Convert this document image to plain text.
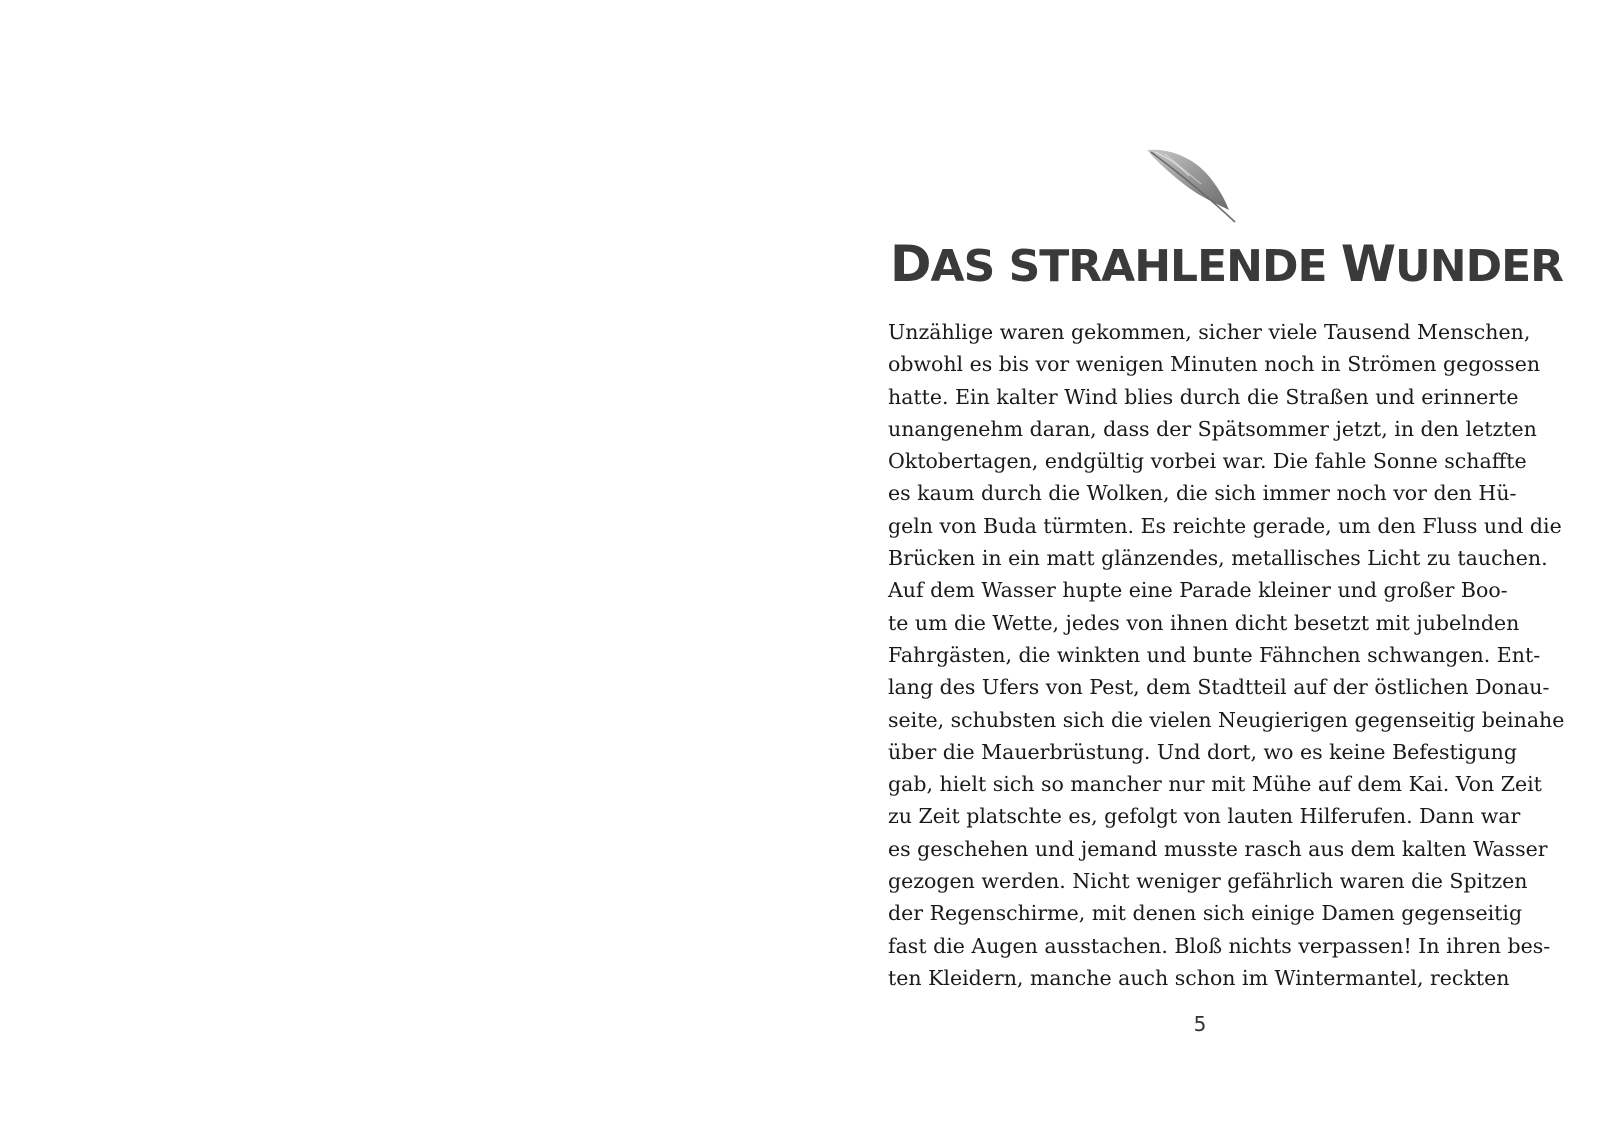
DAS STRAHLENDE WUNDER
Unzählige waren gekommen, sicher viele Tausend Menschen,
obwohl es bis vor wenigen Minuten noch in Strömen gegossen
hatte. Ein kalter Wind blies durch die Straßen und erinnerte
unangenehm daran, dass der Spätsommer jetzt, in den letzten
Oktobertagen, endgültig vorbei war. Die fahle Sonne schaffte
es kaum durch die Wolken, die sich immer noch vor den Hü-
geln von Buda türmten. Es reichte gerade, um den Fluss und die
Brücken in ein matt glänzendes, metallisches Licht zu tauchen.
Auf dem Wasser hupte eine Parade kleiner und großer Boo-
te um die Wette, jedes von ihnen dicht besetzt mit jubelnden
Fahrgästen, die winkten und bunte Fähnchen schwangen. Ent-
lang des Ufers von Pest, dem Stadtteil auf der östlichen Donau-
seite, schubsten sich die vielen Neugierigen gegenseitig beinahe
über die Mauerbrüstung. Und dort, wo es keine Befestigung
gab, hielt sich so mancher nur mit Mühe auf dem Kai. Von Zeit
zu Zeit platschte es, gefolgt von lauten Hilferufen. Dann war
es geschehen und jemand musste rasch aus dem kalten Wasser
gezogen werden. Nicht weniger gefährlich waren die Spitzen
der Regenschirme, mit denen sich einige Damen gegenseitig
fast die Augen ausstachen. Bloß nichts verpassen! In ihren bes-
ten Kleidern, manche auch schon im Wintermantel, reckten
5
